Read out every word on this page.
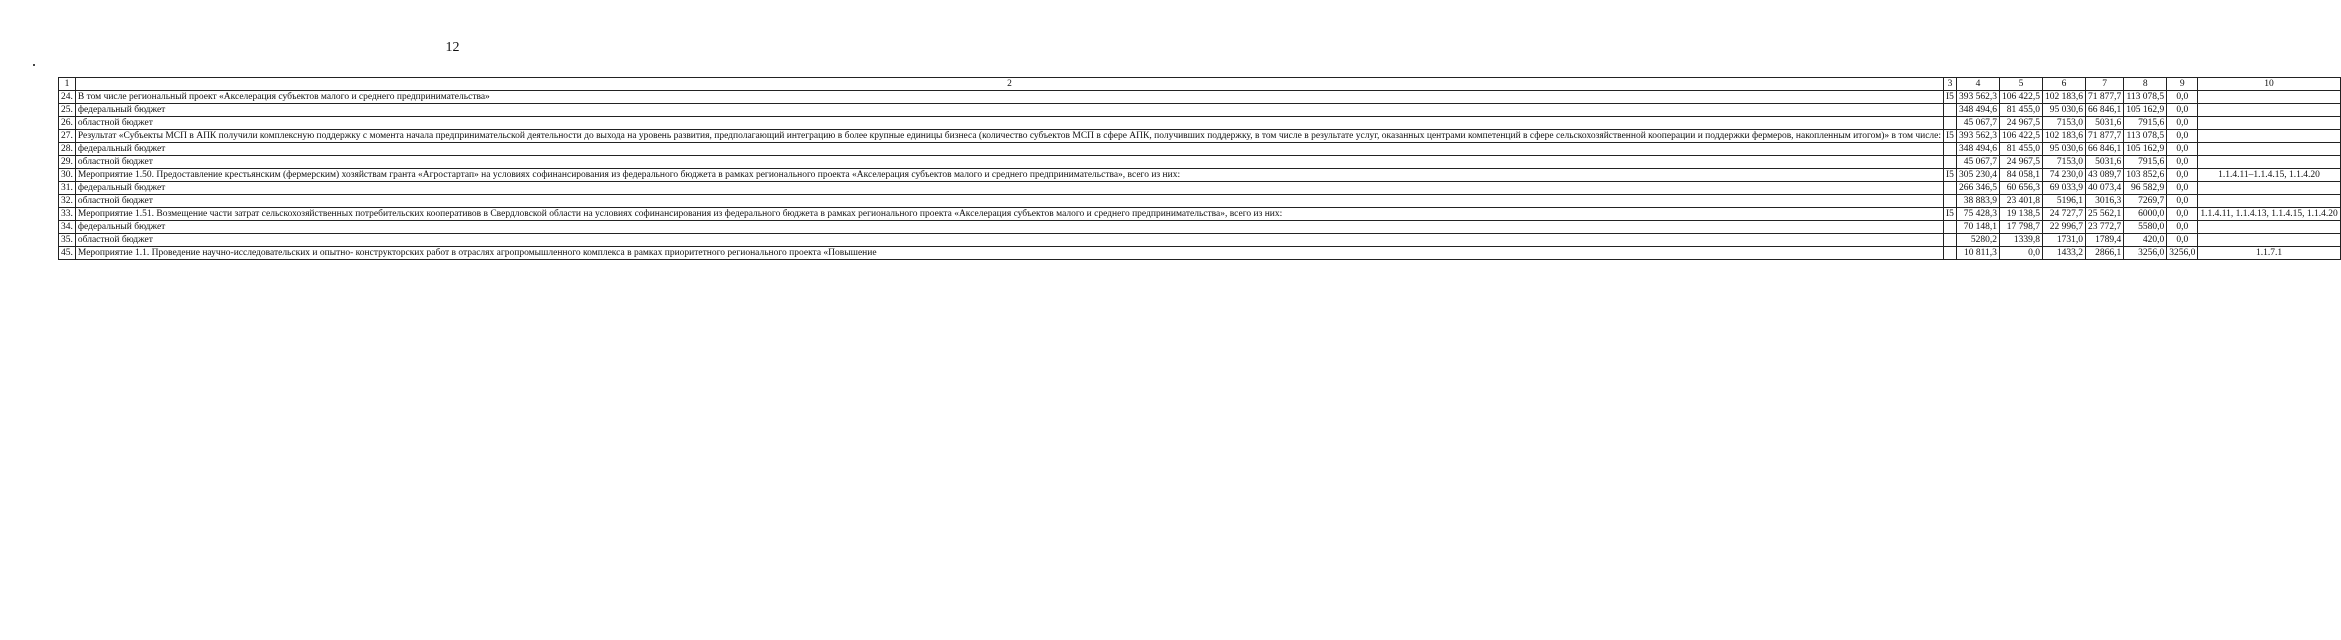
12
1	2	3	4	5	6	7	8	9	10
24.	В том числе региональный проект «Акселерация субъектов малого и среднего предпринимательства»	I5	393 562,3	106 422,5	102 183,6	71 877,7	113 078,5	0,0	
25.	федеральный бюджет		348 494,6	81 455,0	95 030,6	66 846,1	105 162,9	0,0	
26.	областной бюджет		45 067,7	24 967,5	7153,0	5031,6	7915,6	0,0	
27.	Результат «Субъекты МСП в АПК получили комплексную поддержку с момента начала предпринимательской деятельности до выхода на уровень развития, предполагающий интеграцию в более крупные единицы бизнеса (количество субъектов МСП в сфере АПК, получивших поддержку, в том числе в результате услуг, оказанных центрами компетенций в сфере сельскохозяйственной кооперации и поддержки фермеров, накопленным итогом)» в том числе:	I5	393 562,3	106 422,5	102 183,6	71 877,7	113 078,5	0,0	
28.	федеральный бюджет		348 494,6	81 455,0	95 030,6	66 846,1	105 162,9	0,0	
29.	областной бюджет		45 067,7	24 967,5	7153,0	5031,6	7915,6	0,0	
30.	Мероприятие 1.50. Предоставление крестьянским (фермерским) хозяйствам гранта «Агростартап» на условиях софинансирования из федерального бюджета в рамках регионального проекта «Акселерация субъектов малого и среднего предпринимательства», всего из них:	I5	305 230,4	84 058,1	74 230,0	43 089,7	103 852,6	0,0	1.1.4.11–1.1.4.15, 1.1.4.20
31.	федеральный бюджет		266 346,5	60 656,3	69 033,9	40 073,4	96 582,9	0,0	
32.	областной бюджет		38 883,9	23 401,8	5196,1	3016,3	7269,7	0,0	
33.	Мероприятие 1.51. Возмещение части затрат сельскохозяйственных потребительских кооперативов в Свердловской области на условиях софинансирования из федерального бюджета в рамках регионального проекта «Акселерация субъектов малого и среднего предпринимательства», всего из них:	I5	75 428,3	19 138,5	24 727,7	25 562,1	6000,0	0,0	1.1.4.11, 1.1.4.13, 1.1.4.15, 1.1.4.20
34.	федеральный бюджет		70 148,1	17 798,7	22 996,7	23 772,7	5580,0	0,0	
35.	областной бюджет		5280,2	1339,8	1731,0	1789,4	420,0	0,0	
45.	Мероприятие 1.1. Проведение научно-исследовательских и опытно- конструкторских работ в отраслях агропромышленного комплекса в рамках приоритетного регионального проекта «Повышение		10 811,3	0,0	1433,2	2866,1	3256,0	3256,0	1.1.7.1
